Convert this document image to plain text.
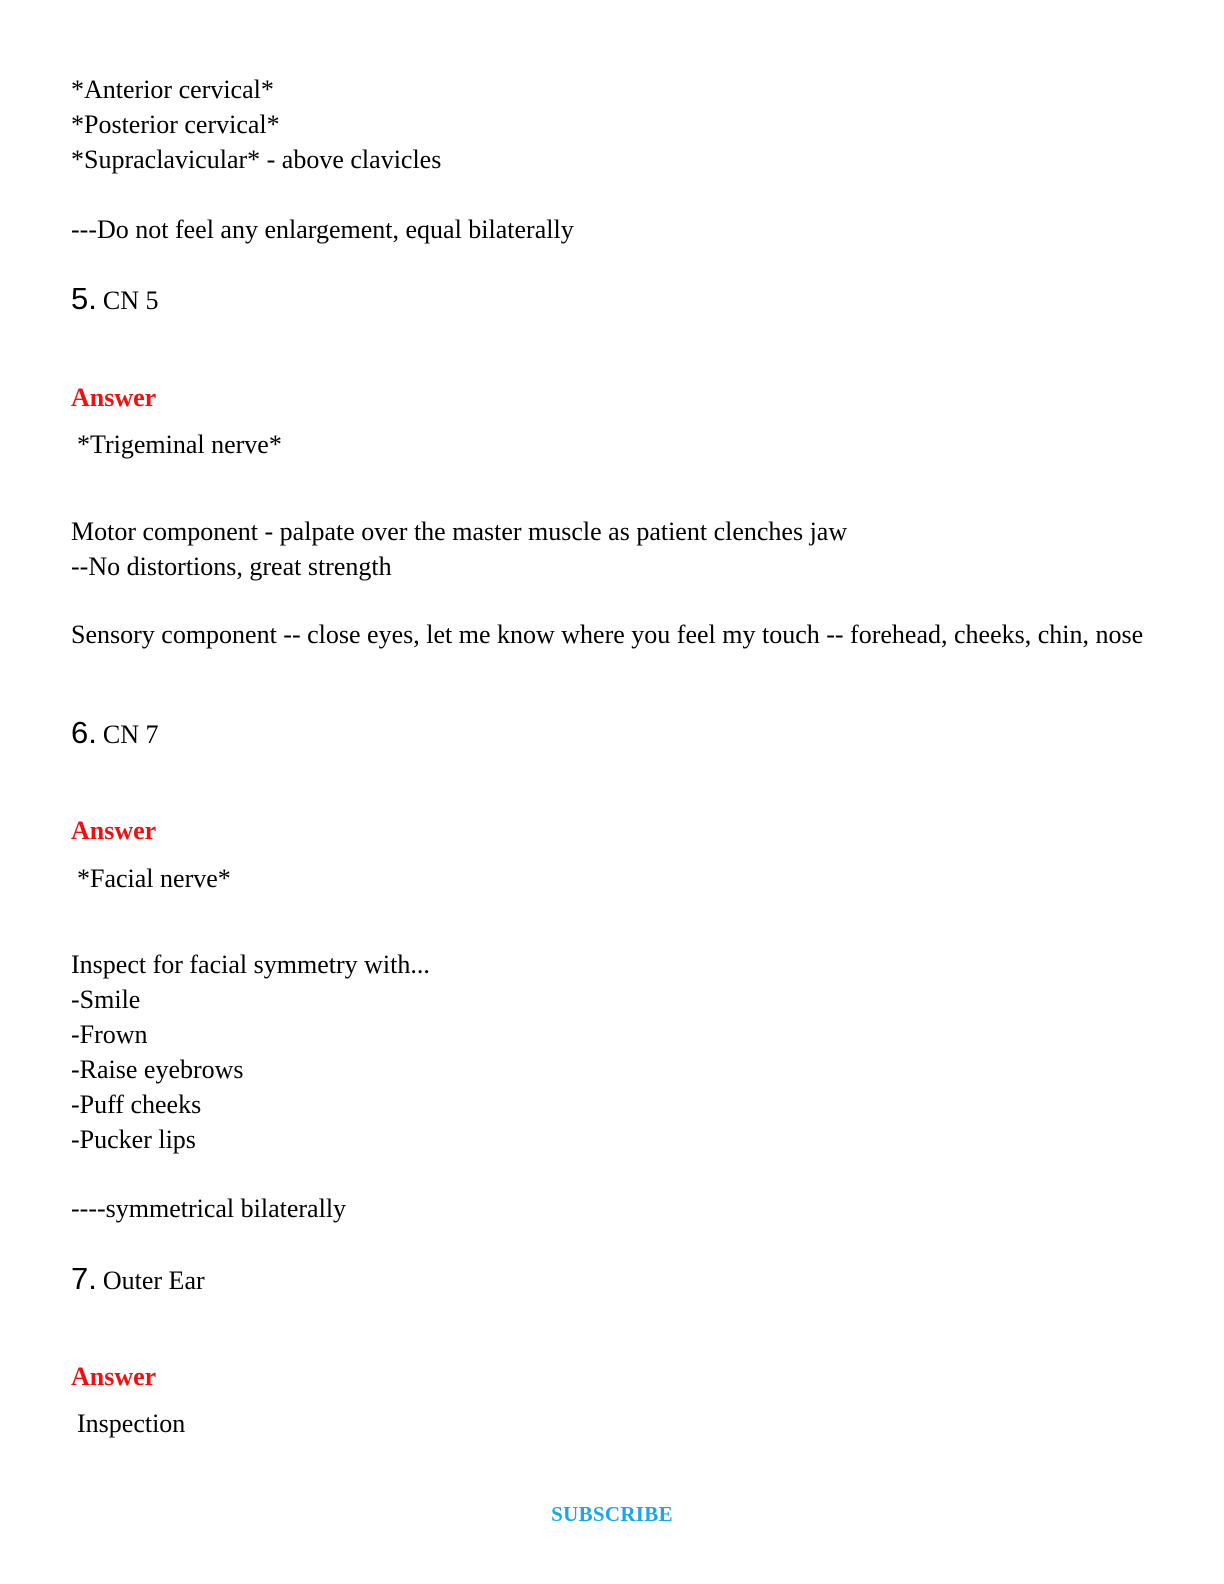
*Anterior cervical*
*Posterior cervical*
*Supraclavicular* - above clavicles
---Do not feel any enlargement, equal bilaterally
5. CN 5
Answer
*Trigeminal nerve*
Motor component - palpate over the master muscle as patient clenches jaw
--No distortions, great strength
Sensory component -- close eyes, let me know where you feel my touch -- forehead, cheeks, chin, nose
6. CN 7
Answer
*Facial nerve*
Inspect for facial symmetry with...
-Smile
-Frown
-Raise eyebrows
-Puff cheeks
-Pucker lips
----symmetrical bilaterally
7. Outer Ear
Answer
Inspection
SUBSCRIBE
